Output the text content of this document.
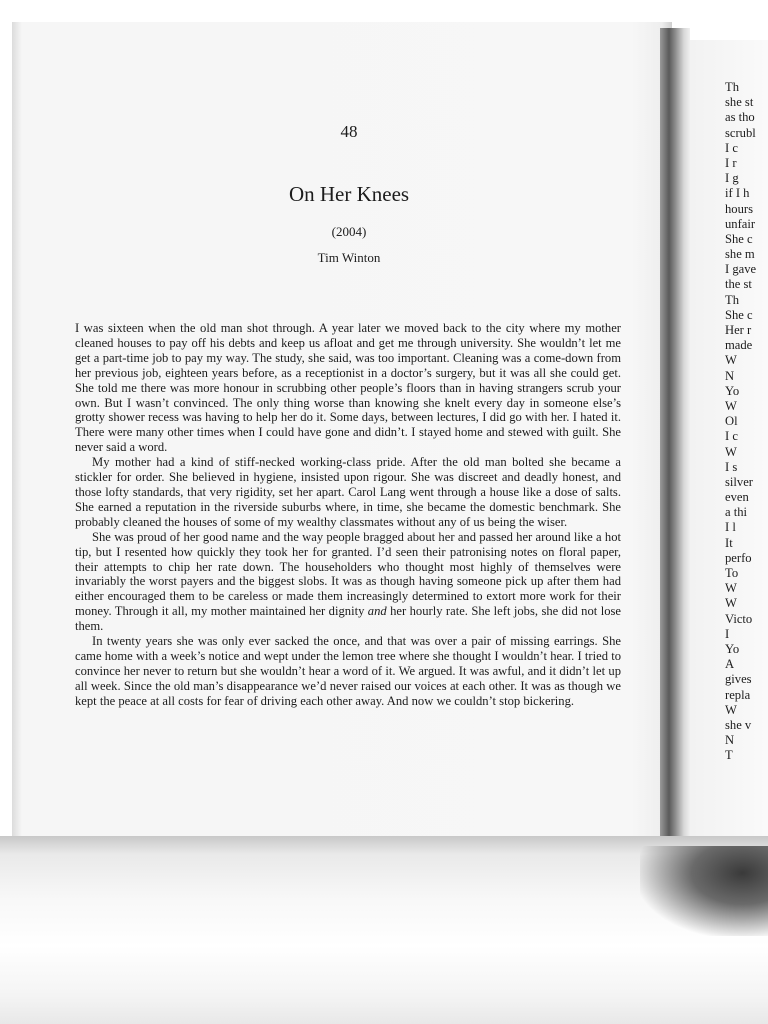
48
On Her Knees
(2004)
Tim Winton

I was sixteen when the old man shot through. A year later we moved back to the city where my mother cleaned houses to pay off his debts and keep us afloat and get me through university. She wouldn’t let me get a part-time job to pay my way. The study, she said, was too important. Cleaning was a come-down from her previous job, eighteen years before, as a receptionist in a doctor’s surgery, but it was all she could get. She told me there was more honour in scrubbing other people’s floors than in having strangers scrub your own. But I wasn’t convinced. The only thing worse than knowing she knelt every day in someone else’s grotty shower recess was having to help her do it. Some days, between lectures, I did go with her. I hated it. There were many other times when I could have gone and didn’t. I stayed home and stewed with guilt. She never said a word.

My mother had a kind of stiff-necked working-class pride. After the old man bolted she became a stickler for order. She believed in hygiene, insisted upon rigour. She was discreet and deadly honest, and those lofty standards, that very rigidity, set her apart. Carol Lang went through a house like a dose of salts. She earned a reputation in the riverside suburbs where, in time, she became the domestic benchmark. She probably cleaned the houses of some of my wealthy classmates without any of us being the wiser.

She was proud of her good name and the way people bragged about her and passed her around like a hot tip, but I resented how quickly they took her for granted. I’d seen their patronising notes on floral paper, their attempts to chip her rate down. The householders who thought most highly of themselves were invariably the worst payers and the biggest slobs. It was as though having someone pick up after them had either encouraged them to be careless or made them increasingly determined to extort more work for their money. Through it all, my mother maintained her dignity and her hourly rate. She left jobs, she did not lose them.

In twenty years she was only ever sacked the once, and that was over a pair of missing earrings. She came home with a week’s notice and wept under the lemon tree where she thought I wouldn’t hear. I tried to convince her never to return but she wouldn’t hear a word of it. We argued. It was awful, and it didn’t let up all week. Since the old man’s disappearance we’d never raised our voices at each other. It was as though we kept the peace at all costs for fear of driving each other away. And now we couldn’t stop bickering.

Th
she st
as tho
scrubl
I c
I r
I g
if I h
hours
unfair
She c
she m
I gave
the st
Th
She c
Her r
made
W
N
Yo
W
Ol
I c
W
I s
silver
even
a thi
I l
It
perfo
To
W
W
Victo
I
Yo
A
gives
repla
W
she v
N
T
